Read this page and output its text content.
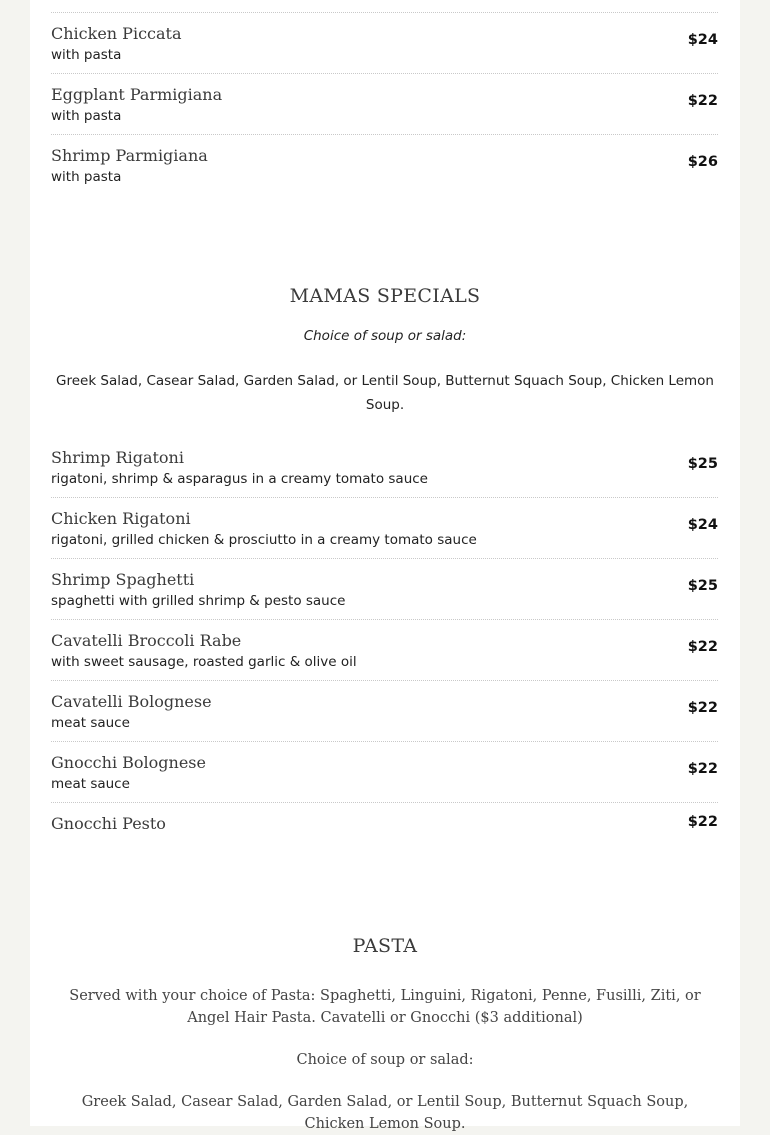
Chicken Piccata
with pasta
$24
Eggplant Parmigiana
with pasta
$22
Shrimp Parmigiana
with pasta
$26
MAMAS SPECIALS
Choice of soup or salad:
Greek Salad, Casear Salad, Garden Salad, or Lentil Soup, Butternut Squach Soup, Chicken Lemon Soup.
Shrimp Rigatoni
rigatoni, shrimp & asparagus in a creamy tomato sauce
$25
Chicken Rigatoni
rigatoni, grilled chicken & prosciutto in a creamy tomato sauce
$24
Shrimp Spaghetti
spaghetti with grilled shrimp & pesto sauce
$25
Cavatelli Broccoli Rabe
with sweet sausage, roasted garlic & olive oil
$22
Cavatelli Bolognese
meat sauce
$22
Gnocchi Bolognese
meat sauce
$22
Gnocchi Pesto	$22
PASTA
Served with your choice of Pasta: Spaghetti, Linguini, Rigatoni, Penne, Fusilli, Ziti, or Angel Hair Pasta. Cavatelli or Gnocchi ($3 additional)
Choice of soup or salad:
Greek Salad, Casear Salad, Garden Salad, or Lentil Soup, Butternut Squach Soup, Chicken Lemon Soup.
